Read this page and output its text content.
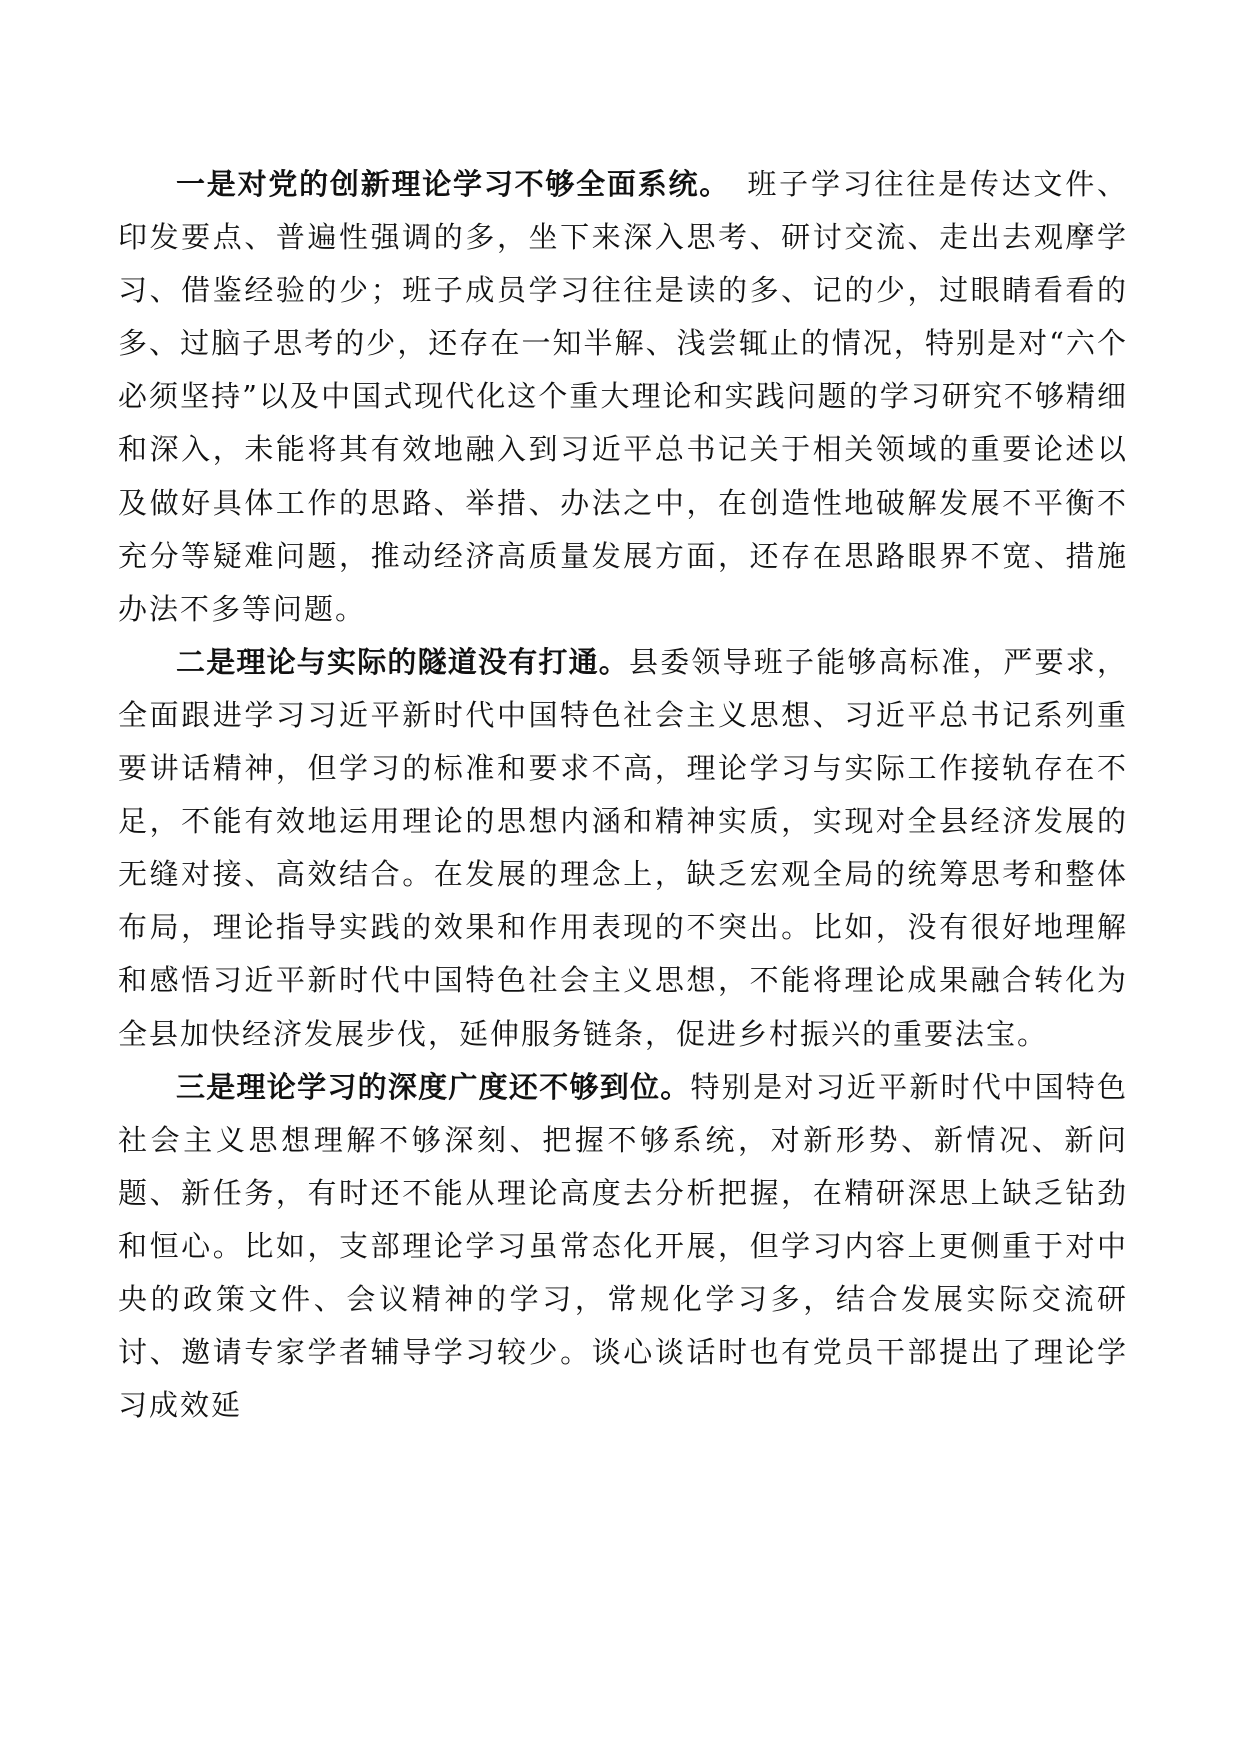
一是对党的创新理论学习不够全面系统。　班子学习往往是传达文件、印发要点、普遍性强调的多，坐下来深入思考、研讨交流、走出去观摩学习、借鉴经验的少；班子成员学习往往是读的多、记的少，过眼睛看看的多、过脑子思考的少，还存在一知半解、浅尝辄止的情况，特别是对“六个必须坚持”以及中国式现代化这个重大理论和实践问题的学习研究不够精细和深入，未能将其有效地融入到习近平总书记关于相关领域的重要论述以及做好具体工作的思路、举措、办法之中，在创造性地破解发展不平衡不充分等疑难问题，推动经济高质量发展方面，还存在思路眼界不宽、措施办法不多等问题。

二是理论与实际的隧道没有打通。县委领导班子能够高标准，严要求，全面跟进学习习近平新时代中国特色社会主义思想、习近平总书记系列重要讲话精神，但学习的标准和要求不高，理论学习与实际工作接轨存在不足，不能有效地运用理论的思想内涵和精神实质，实现对全县经济发展的无缝对接、高效结合。在发展的理念上，缺乏宏观全局的统筹思考和整体布局，理论指导实践的效果和作用表现的不突出。比如，没有很好地理解和感悟习近平新时代中国特色社会主义思想，不能将理论成果融合转化为全县加快经济发展步伐，延伸服务链条，促进乡村振兴的重要法宝。

三是理论学习的深度广度还不够到位。特别是对习近平新时代中国特色社会主义思想理解不够深刻、把握不够系统，对新形势、新情况、新问题、新任务，有时还不能从理论高度去分析把握，在精研深思上缺乏钻劲和恒心。比如，支部理论学习虽常态化开展，但学习内容上更侧重于对中央的政策文件、会议精神的学习，常规化学习多，结合发展实际交流研讨、邀请专家学者辅导学习较少。谈心谈话时也有党员干部提出了理论学习成效延
